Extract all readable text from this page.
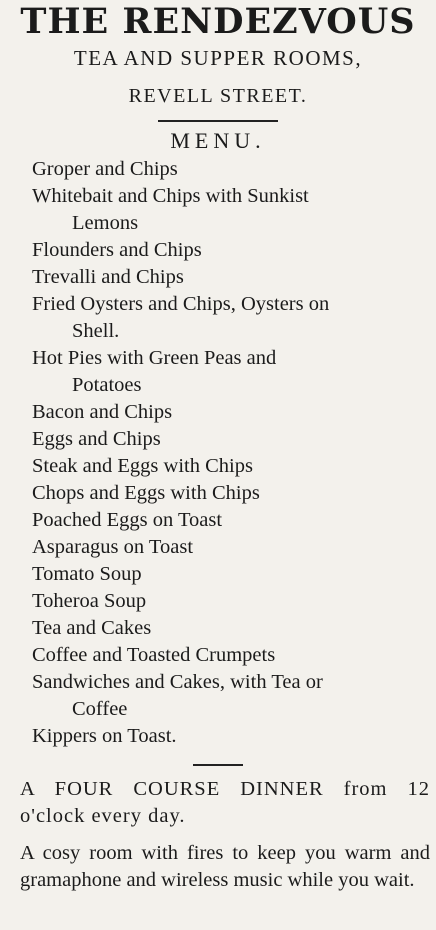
THE RENDEZVOUS
TEA AND SUPPER ROOMS,
REVELL STREET.
MENU.
Groper and Chips
Whitebait and Chips with Sunkist
Lemons
Flounders and Chips
Trevalli and Chips
Fried Oysters and Chips, Oysters on
Shell.
Hot Pies with Green Peas and
Potatoes
Bacon and Chips
Eggs and Chips
Steak and Eggs with Chips
Chops and Eggs with Chips
Poached Eggs on Toast
Asparagus on Toast
Tomato Soup
Toheroa Soup
Tea and Cakes
Coffee and Toasted Crumpets
Sandwiches and Cakes, with Tea or
Coffee
Kippers on Toast.

A FOUR COURSE DINNER from 12 o'clock every day.

A cosy room with fires to keep you warm and gramaphone and wireless music while you wait.
